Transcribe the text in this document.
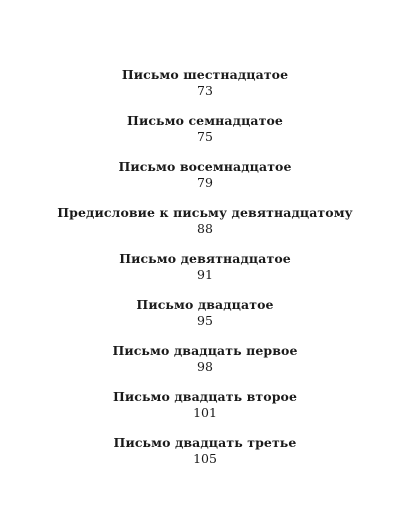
Письмо шестнадцатое
73
Письмо семнадцатое
75
Письмо восемнадцатое
79
Предисловие к письму девятнадцатому
88
Письмо девятнадцатое
91
Письмо двадцатое
95
Письмо двадцать первое
98
Письмо двадцать второе
101
Письмо двадцать третье
105
